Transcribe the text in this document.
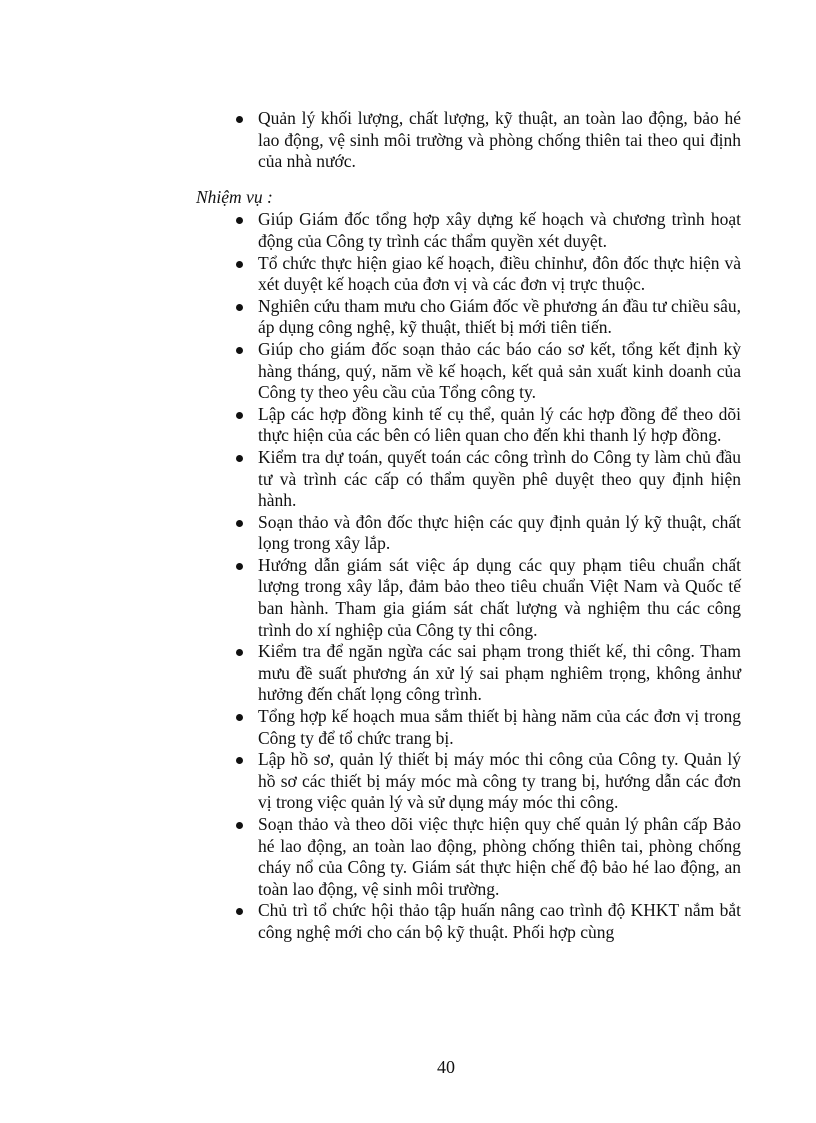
Quản lý khối lượng, chất lượng, kỹ thuật, an toàn lao động, bảo hé lao động, vệ sinh môi trường và phòng chống thiên tai theo qui định của nhà nước.
Nhiệm vụ :
Giúp Giám đốc tổng hợp xây dựng kế hoạch và chương trình hoạt động của Công ty trình các thẩm quyền xét duyệt.
Tổ chức thực hiện giao kế hoạch, điều chỉnhư, đôn đốc thực hiện và xét duyệt kế hoạch của đơn vị và các đơn vị trực thuộc.
Nghiên cứu tham mưu cho Giám đốc về phương án đầu tư chiều sâu, áp dụng công nghệ, kỹ thuật, thiết bị mới tiên tiến.
Giúp cho giám đốc soạn thảo các báo cáo sơ kết, tổng kết định kỳ hàng tháng, quý, năm về kế hoạch, kết quả sản xuất kinh doanh của Công ty theo yêu cầu của Tổng công ty.
Lập các hợp đồng kinh tế cụ thể, quản lý các hợp đồng để theo dõi thực hiện của các bên có liên quan cho đến khi thanh lý hợp đồng.
Kiểm tra dự toán, quyết toán các công trình do Công ty làm chủ đầu tư và trình các cấp có thẩm quyền phê duyệt theo quy định hiện hành.
Soạn thảo và đôn đốc thực hiện các quy định quản lý kỹ thuật, chất lọng trong xây lắp.
Hướng dẫn giám sát việc áp dụng các quy phạm tiêu chuẩn chất lượng trong xây lắp, đảm bảo theo tiêu chuẩn Việt Nam và Quốc tế ban hành. Tham gia giám sát chất lượng và nghiệm thu các công trình do xí nghiệp của Công ty thi công.
Kiểm tra để ngăn ngừa các sai phạm trong thiết kế, thi công. Tham mưu đề suất phương án xử lý sai phạm nghiêm trọng, không ảnhư hưởng đến chất lọng công trình.
Tổng hợp kế hoạch mua sắm thiết bị hàng năm của các đơn vị trong Công ty để tổ chức trang bị.
Lập hồ sơ, quản lý thiết bị máy móc thi công của Công ty. Quản lý hồ sơ các thiết bị máy móc mà công ty trang bị, hướng dẫn các đơn vị trong việc quản lý và sử dụng máy móc thi công.
Soạn thảo và theo dõi việc thực hiện quy chế quản lý phân cấp Bảo hé lao động, an toàn lao động, phòng chống thiên tai, phòng chống cháy nổ của Công ty. Giám sát thực hiện chế độ bảo hé lao động, an toàn lao động, vệ sinh môi trường.
Chủ trì tổ chức hội thảo tập huấn nâng cao trình độ KHKT nắm bắt công nghệ mới cho cán bộ kỹ thuật. Phối hợp cùng
40
